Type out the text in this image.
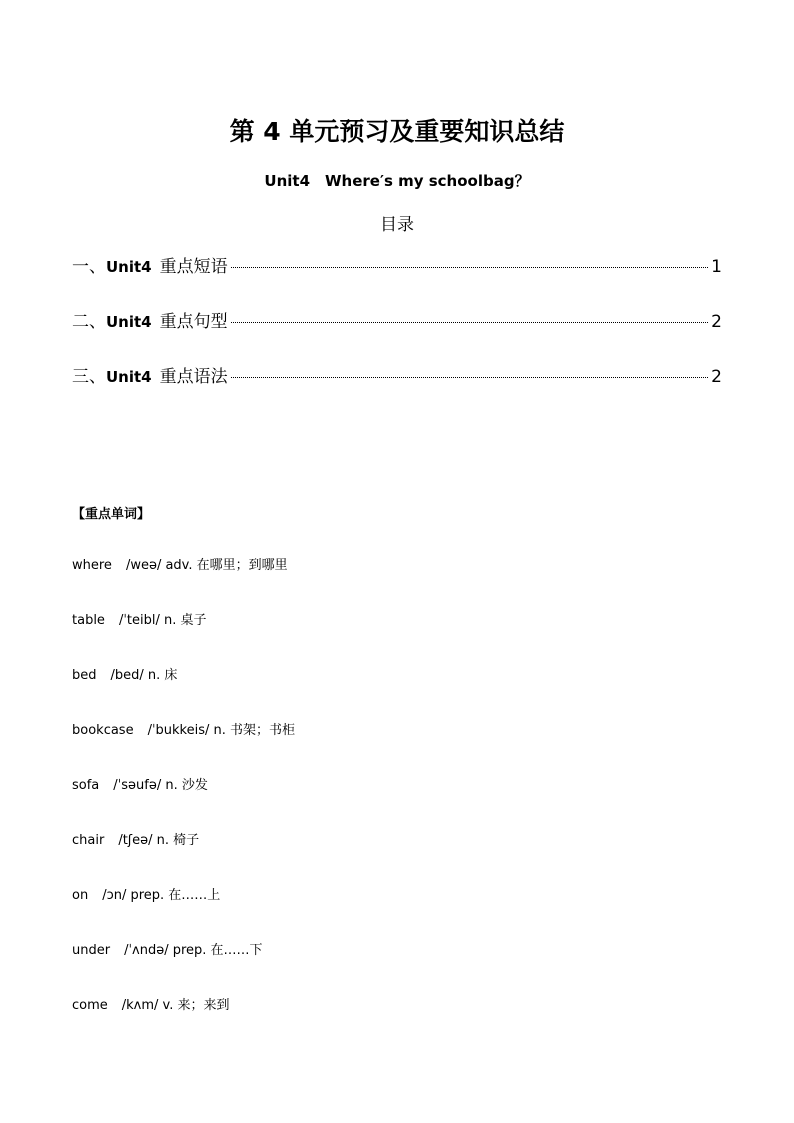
第 4 单元预习及重要知识总结

Unit4　Where′s my schoolbag？

目录

一、 Unit4 重点短语	1
二、 Unit4 重点句型	2
三、 Unit4 重点语法	2

【重点单词】

where /weə/ adv. 在哪里；到哪里
table /ˈteibl/ n. 桌子
bed /bed/ n. 床
bookcase /ˈbukkeis/ n. 书架；书柜
sofa /ˈsəufə/ n. 沙发
chair /tʃeə/ n. 椅子
on /ɔn/ prep. 在……上
under /ˈʌndə/ prep. 在……下
come /kʌm/ v. 来；来到
